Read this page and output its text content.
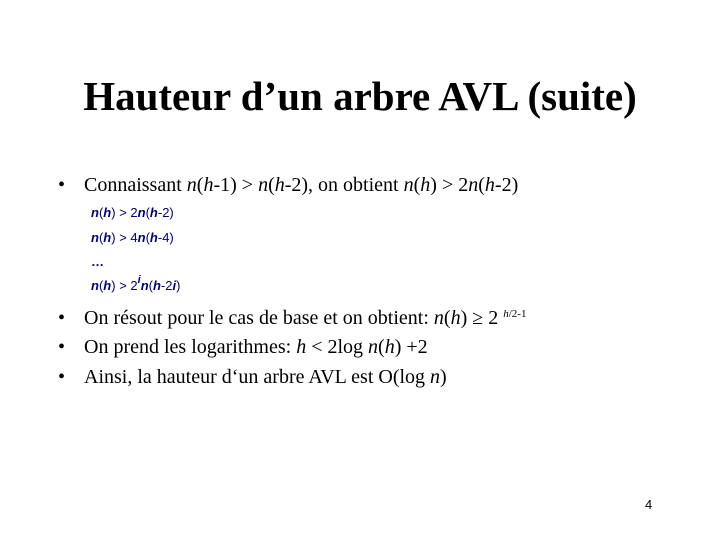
Hauteur d’un arbre AVL (suite)
• Connaissant n(h-1) > n(h-2), on obtient n(h) > 2n(h-2)
n(h) > 2n(h-2)
n(h) > 4n(h-4)
…
$n(h) > 2^in(h-2i)$
• On résout pour le cas de base et on obtient: n(h) ≥ 2 $^{h/2-1}$
• On prend les logarithmes: h < 2log n(h) +2
• Ainsi, la hauteur d‘un arbre AVL est O(log n)
4
